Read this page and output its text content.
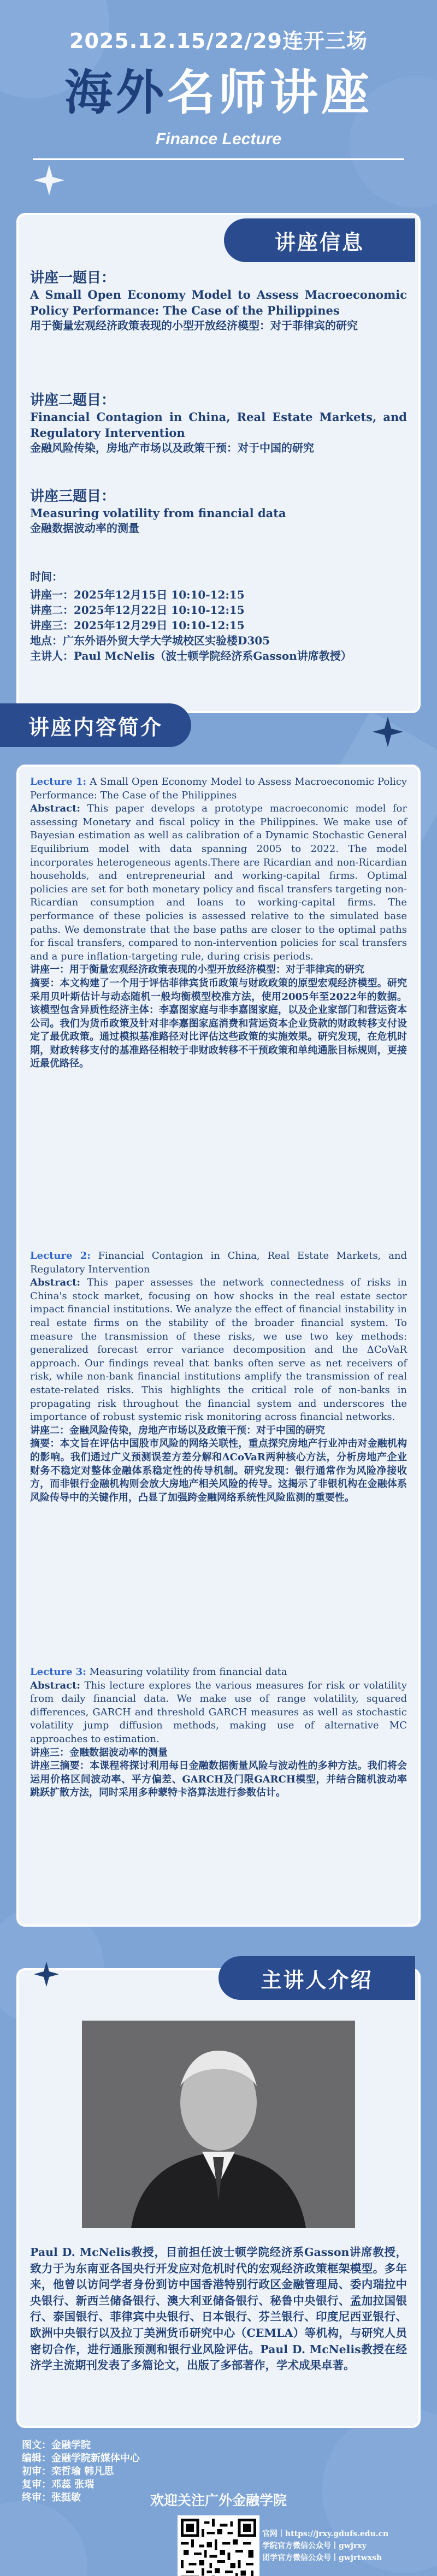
2025.12.15/22/29连开三场
海外名师讲座
Finance Lecture
讲座信息
讲座一题目：
A Small Open Economy Model to Assess Macroeconomic Policy Performance: The Case of the Philippines
用于衡量宏观经济政策表现的小型开放经济模型：对于菲律宾的研究
讲座二题目：
Financial Contagion in China, Real Estate Markets, and Regulatory Intervention
金融风险传染，房地产市场以及政策干预：对于中国的研究
讲座三题目：
Measuring volatility from financial data
金融数据波动率的测量
时间：
讲座一：2025年12月15日 10:10-12:15
讲座二：2025年12月22日 10:10-12:15
讲座三：2025年12月29日 10:10-12:15
地点：广东外语外贸大学大学城校区实验楼D305
主讲人：Paul McNelis（波士顿学院经济系Gasson讲席教授）
讲座内容简介

Lecture 1: A Small Open Economy Model to Assess Macroeconomic Policy Performance: The Case of the Philippines

Abstract: This paper develops a prototype macroeconomic model for assessing Monetary and fiscal policy in the Philippines. We make use of Bayesian estimation as well as calibration of a Dynamic Stochastic General Equilibrium model with data spanning 2005 to 2022. The model incorporates heterogeneous agents.There are Ricardian and non-Ricardian households, and entrepreneurial and working-capital firms. Optimal policies are set for both monetary policy and fiscal transfers targeting non-Ricardian consumption and loans to working-capital firms. The performance of these policies is assessed relative to the simulated base paths. We demonstrate that the base paths are closer to the optimal paths for fiscal transfers, compared to non-intervention policies for scal transfers and a pure inflation-targeting rule, during crisis periods.

讲座一：用于衡量宏观经济政策表现的小型开放经济模型：对于菲律宾的研究

摘要：本文构建了一个用于评估菲律宾货币政策与财政政策的原型宏观经济模型。研究采用贝叶斯估计与动态随机一般均衡模型校准方法，使用2005年至2022年的数据。该模型包含异质性经济主体：李嘉图家庭与非李嘉图家庭，以及企业家部门和营运资本公司。我们为货币政策及针对非李嘉图家庭消费和营运资本企业贷款的财政转移支付设定了最优政策。通过模拟基准路径对比评估这些政策的实施效果。研究发现，在危机时期，财政转移支付的基准路径相较于非财政转移不干预政策和单纯通胀目标规则，更接近最优路径。

Lecture 2: Financial Contagion in China, Real Estate Markets, and Regulatory Intervention

Abstract: This paper assesses the network connectedness of risks in China's stock market, focusing on how shocks in the real estate sector impact financial institutions. We analyze the effect of financial instability in real estate firms on the stability of the broader financial system. To measure the transmission of these risks, we use two key methods: generalized forecast error variance decomposition and the ΔCoVaR approach. Our findings reveal that banks often serve as net receivers of risk, while non-bank financial institutions amplify the transmission of real estate-related risks. This highlights the critical role of non-banks in propagating risk throughout the financial system and underscores the importance of robust systemic risk monitoring across financial networks.

讲座二：金融风险传染，房地产市场以及政策干预：对于中国的研究

摘要：本文旨在评估中国股市风险的网络关联性，重点探究房地产行业冲击对金融机构的影响。我们通过广义预测误差方差分解和ΔCoVaR两种核心方法，分析房地产企业财务不稳定对整体金融体系稳定性的传导机制。研究发现：银行通常作为风险净接收方，而非银行金融机构则会放大房地产相关风险的传导。这揭示了非银机构在金融体系风险传导中的关键作用，凸显了加强跨金融网络系统性风险监测的重要性。

Lecture 3: Measuring volatility from financial data

Abstract: This lecture explores the various measures for risk or volatility from daily financial data. We make use of range volatility, squared differences, GARCH and threshold GARCH measures as well as stochastic volatility jump diffusion methods, making use of alternative MC approaches to estimation.

讲座三：金融数据波动率的测量

讲座三摘要：本课程将探讨利用每日金融数据衡量风险与波动性的多种方法。我们将会运用价格区间波动率、平方偏差、GARCH及门限GARCH模型，并结合随机波动率跳跃扩散方法，同时采用多种蒙特卡洛算法进行参数估计。

主讲人介绍
Paul D. McNelis教授，目前担任波士顿学院经济系Gasson讲席教授，致力于为东南亚各国央行开发应对危机时代的宏观经济政策框架模型。多年来，他曾以访问学者身份到访中国香港特别行政区金融管理局、委内瑞拉中央银行、新西兰储备银行、澳大利亚储备银行、秘鲁中央银行、孟加拉国银行、泰国银行、菲律宾中央银行、日本银行、芬兰银行、印度尼西亚银行、欧洲中央银行以及拉丁美洲货币研究中心（CEMLA）等机构，与研究人员密切合作，进行通胀预测和银行业风险评估。Paul D. McNelis教授在经济学主流期刊发表了多篇论文，出版了多部著作，学术成果卓著。
图文：金融学院
编辑：金融学院新媒体中心
初审：栾哲瑜 韩凡思
复审：邓蕊 张瑞
终审：张挺敏	欢迎关注广外金融学院
官网丨https://jrxy.gdufs.edu.cn
学院官方微信公众号丨gwjrxy
团学官方微信公众号丨gwjrtwxsh
